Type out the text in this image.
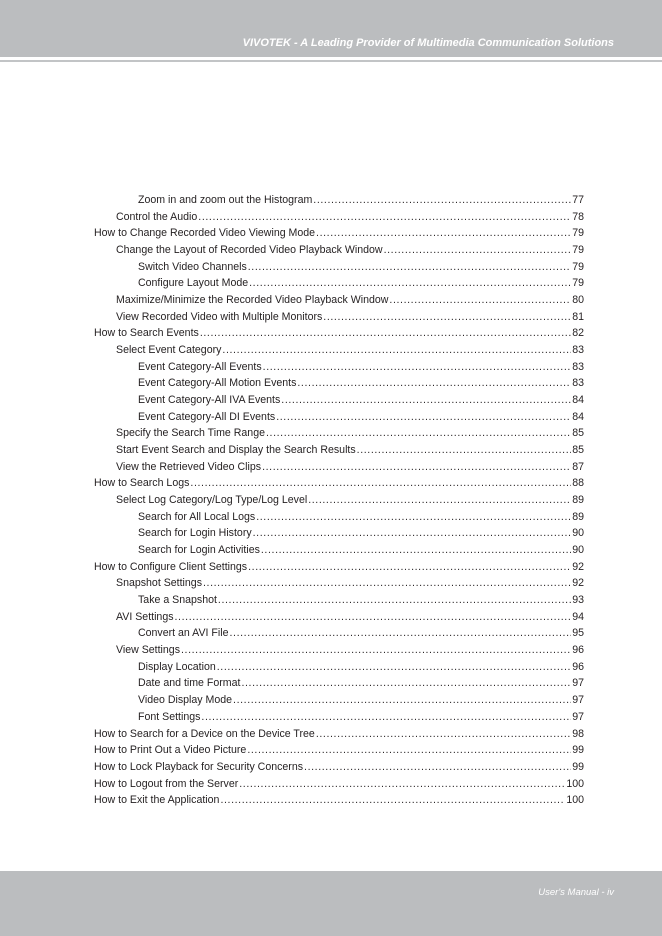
VIVOTEK - A Leading Provider of Multimedia Communication Solutions
Zoom in and zoom out the Histogram .....	77
Control the Audio .....	78
How to Change Recorded Video Viewing Mode .....	79
Change the Layout of Recorded Video Playback Window .....	79
Switch Video Channels .....	79
Configure Layout Mode .....	79
Maximize/Minimize the Recorded Video Playback Window .....	80
View Recorded Video with Multiple Monitors .....	81
How to Search Events .....	82
Select Event Category .....	83
Event Category-All Events .....	83
Event Category-All Motion Events .....	83
Event Category-All IVA Events .....	84
Event Category-All DI Events .....	84
Specify the Search Time Range .....	85
Start Event Search and Display the Search Results .....	85
View the Retrieved Video Clips .....	87
How to Search Logs .....	88
Select Log Category/Log Type/Log Level .....	89
Search for All Local Logs .....	89
Search for Login History .....	90
Search for Login Activities .....	90
How to Configure Client Settings .....	92
Snapshot Settings .....	92
Take a Snapshot .....	93
AVI Settings .....	94
Convert an AVI File .....	95
View Settings .....	96
Display Location .....	96
Date and time Format .....	97
Video Display Mode .....	97
Font Settings .....	97
How to Search for a Device on the Device Tree .....	98
How to Print Out a Video Picture .....	99
How to Lock Playback for Security Concerns .....	99
How to Logout from the Server .....	100
How to Exit the Application .....	100
User's Manual - iv
